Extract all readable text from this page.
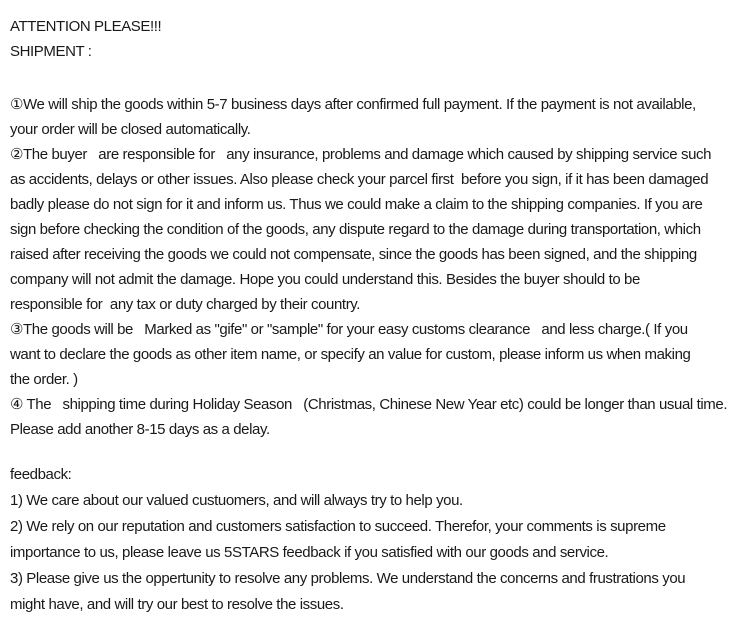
ATTENTION PLEASE!!!
SHIPMENT :
①We will ship the goods within 5-7 business days after confirmed full payment. If the payment is not available,
your order will be closed automatically.
②The buyer   are responsible for   any insurance, problems and damage which caused by shipping service such
as accidents, delays or other issues. Also please check your parcel first  before you sign, if it has been damaged
badly please do not sign for it and inform us. Thus we could make a claim to the shipping companies. If you are
sign before checking the condition of the goods, any dispute regard to the damage during transportation, which
raised after receiving the goods we could not compensate, since the goods has been signed, and the shipping
company will not admit the damage. Hope you could understand this. Besides the buyer should to be
responsible for  any tax or duty charged by their country.
③The goods will be   Marked as "gife" or "sample" for your easy customs clearance   and less charge.( If you
want to declare the goods as other item name, or specify an value for custom, please inform us when making
the order. )
④ The   shipping time during Holiday Season   (Christmas, Chinese New Year etc) could be longer than usual time.
Please add another 8-15 days as a delay.
feedback:
1) We care about our valued custuomers, and will always try to help you.
2) We rely on our reputation and customers satisfaction to succeed. Therefor, your comments is supreme
importance to us, please leave us 5STARS feedback if you satisfied with our goods and service.
3) Please give us the oppertunity to resolve any problems. We understand the concerns and frustrations you
might have, and will try our best to resolve the issues.
